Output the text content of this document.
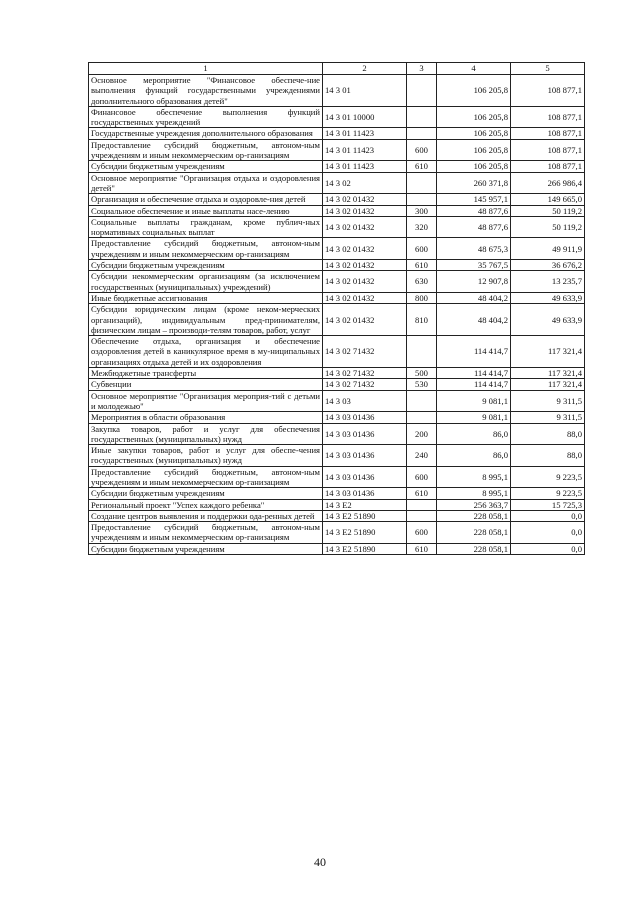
1	2	3	4	5
Основное мероприятие "Финансовое обеспече-ние выполнения функций государственными учреждениями дополнительного образования детей"	14 3 01		106 205,8	108 877,1
Финансовое обеспечение выполнения функций государственных учреждений	14 3 01 10000		106 205,8	108 877,1
Государственные учреждения дополнительного образования	14 3 01 11423		106 205,8	108 877,1
Предоставление субсидий бюджетным, автоном-ным учреждениям и иным некоммерческим ор-ганизациям	14 3 01 11423	600	106 205,8	108 877,1
Субсидии бюджетным учреждениям	14 3 01 11423	610	106 205,8	108 877,1
Основное мероприятие "Организация отдыха и оздоровления детей"	14 3 02		260 371,8	266 986,4
Организация и обеспечение отдыха и оздоровле-ния детей	14 3 02 01432		145 957,1	149 665,0
Социальное обеспечение и иные выплаты насе-лению	14 3 02 01432	300	48 877,6	50 119,2
Социальные выплаты гражданам, кроме публич-ных нормативных социальных выплат	14 3 02 01432	320	48 877,6	50 119,2
Предоставление субсидий бюджетным, автоном-ным учреждениям и иным некоммерческим ор-ганизациям	14 3 02 01432	600	48 675,3	49 911,9
Субсидии бюджетным учреждениям	14 3 02 01432	610	35 767,5	36 676,2
Субсидии некоммерческим организациям (за исключением государственных (муниципальных) учреждений)	14 3 02 01432	630	12 907,8	13 235,7
Иные бюджетные ассигнования	14 3 02 01432	800	48 404,2	49 633,9
Субсидии юридическим лицам (кроме неком-мерческих организаций), индивидуальным пред-принимателям, физическим лицам – производи-телям товаров, работ, услуг	14 3 02 01432	810	48 404,2	49 633,9
Обеспечение отдыха, организация и обеспечение оздоровления детей в каникулярное время в му-ниципальных организациях отдыха детей и их оздоровления	14 3 02 71432		114 414,7	117 321,4
Межбюджетные трансферты	14 3 02 71432	500	114 414,7	117 321,4
Субвенции	14 3 02 71432	530	114 414,7	117 321,4
Основное мероприятие "Организация мероприя-тий с детьми и молодежью"	14 3 03		9 081,1	9 311,5
Мероприятия в области образования	14 3 03 01436		9 081,1	9 311,5
Закупка товаров, работ и услуг для обеспечения государственных (муниципальных) нужд	14 3 03 01436	200	86,0	88,0
Иные закупки товаров, работ и услуг для обеспе-чения государственных (муниципальных) нужд	14 3 03 01436	240	86,0	88,0
Предоставление субсидий бюджетным, автоном-ным учреждениям и иным некоммерческим ор-ганизациям	14 3 03 01436	600	8 995,1	9 223,5
Субсидии бюджетным учреждениям	14 3 03 01436	610	8 995,1	9 223,5
Региональный проект "Успех каждого ребенка"	14 3 E2		256 363,7	15 725,3
Создание центров выявления и поддержки ода-ренных детей	14 3 E2 51890		228 058,1	0,0
Предоставление субсидий бюджетным, автоном-ным учреждениям и иным некоммерческим ор-ганизациям	14 3 E2 51890	600	228 058,1	0,0
Субсидии бюджетным учреждениям	14 3 E2 51890	610	228 058,1	0,0
40
